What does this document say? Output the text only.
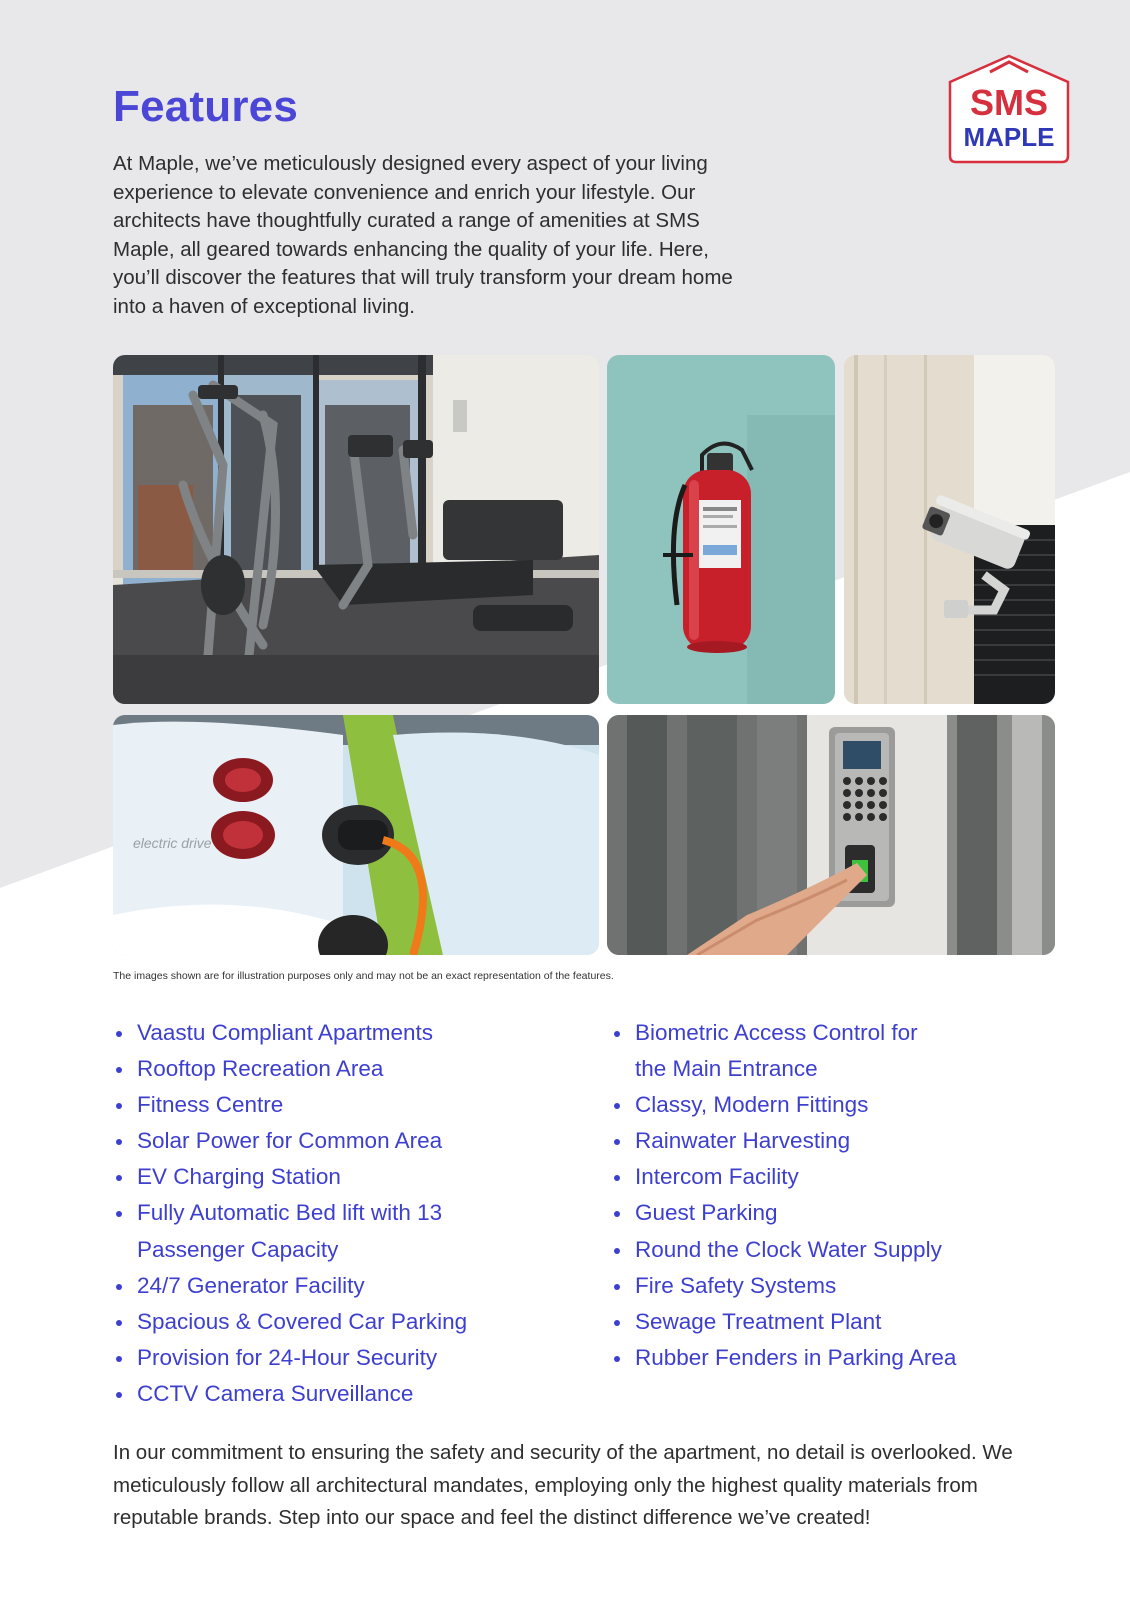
Features

At Maple, we’ve meticulously designed every aspect of your living experience to elevate convenience and enrich your lifestyle. Our architects have thoughtfully curated a range of amenities at SMS Maple, all geared towards enhancing the quality of your life. Here, you’ll discover the features that will truly transform your dream home into a haven of exceptional living.

SMS
MAPLE
electric drive

The images shown are for illustration purposes only and may not be an exact representation of the features.

Vaastu Compliant Apartments
Rooftop Recreation Area
Fitness Centre
Solar Power for Common Area
EV Charging Station
Fully Automatic Bed lift with 13 Passenger Capacity
24/7 Generator Facility
Spacious & Covered Car Parking
Provision for 24-Hour Security
CCTV Camera Surveillance
Biometric Access Control for the Main Entrance
Classy, Modern Fittings
Rainwater Harvesting
Intercom Facility
Guest Parking
Round the Clock Water Supply
Fire Safety Systems
Sewage Treatment Plant
Rubber Fenders in Parking Area

In our commitment to ensuring the safety and security of the apartment, no detail is overlooked. We meticulously follow all architectural mandates, employing only the highest quality materials from reputable brands. Step into our space and feel the distinct difference we’ve created!
